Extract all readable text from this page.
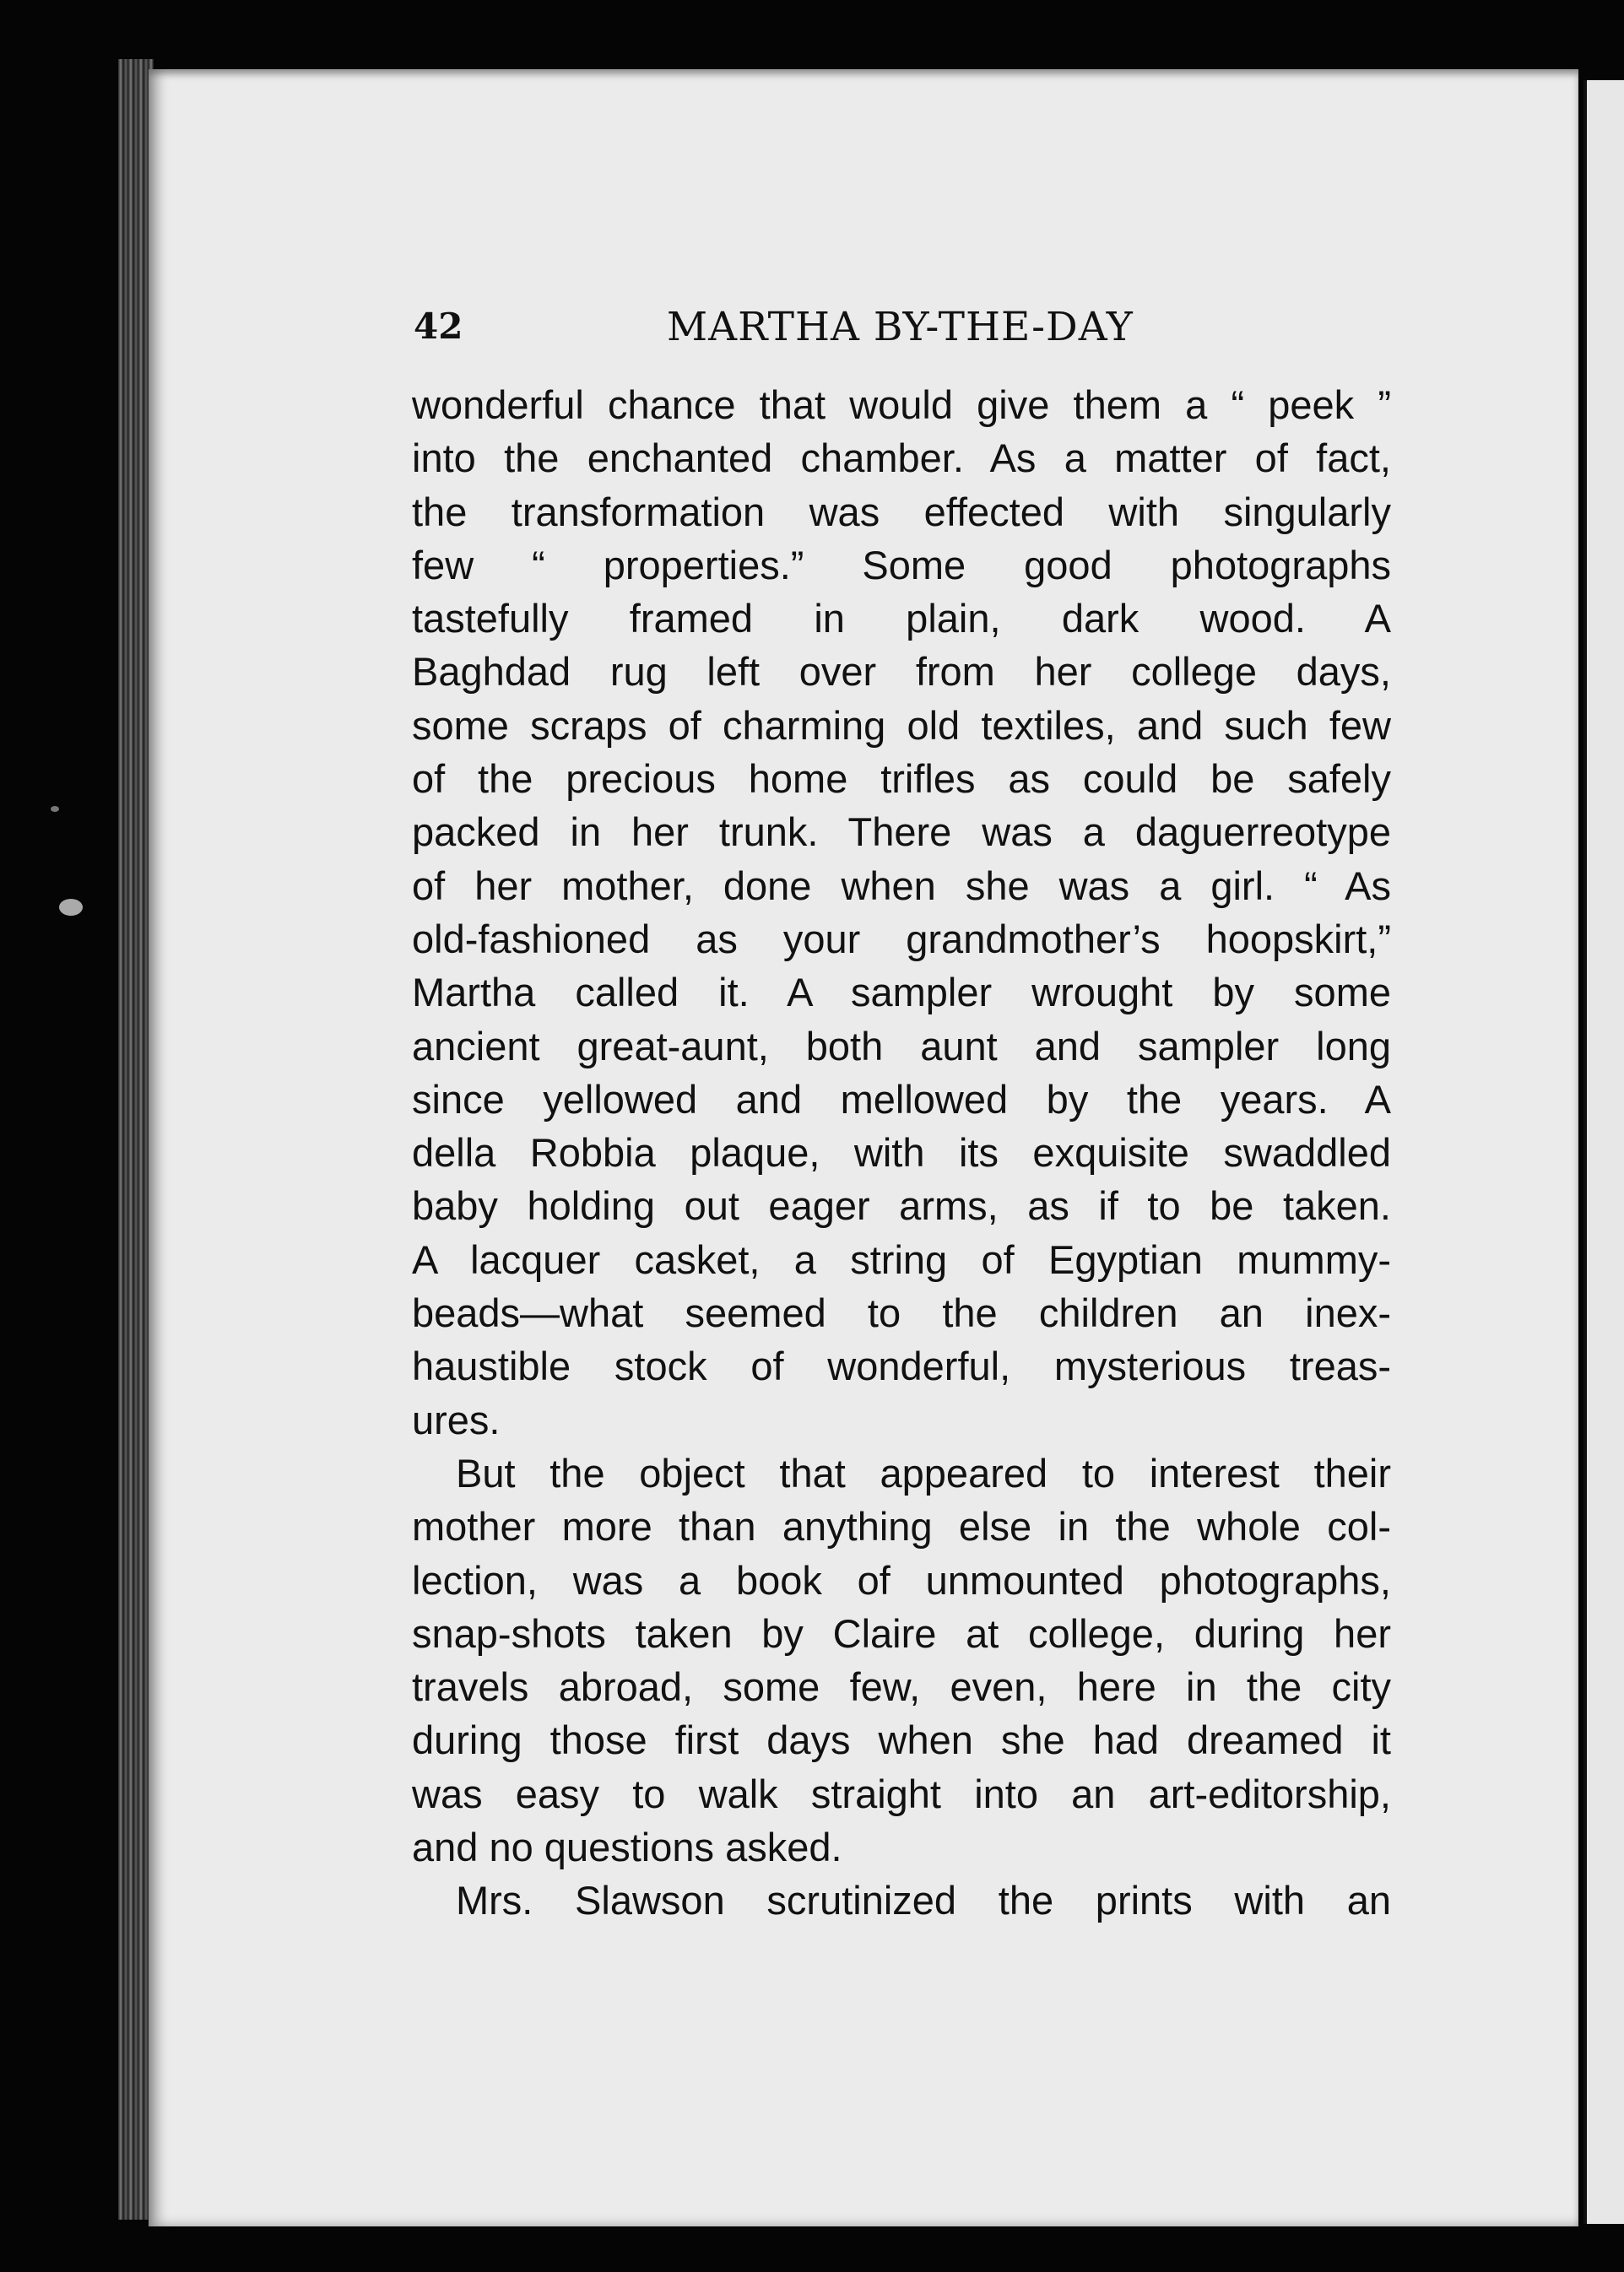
42	MARTHA BY-THE-DAY
wonderful chance that would give them a “ peek ”
into the enchanted chamber. As a matter of fact,
the transformation was effected with singularly
few “ properties.” Some good photographs
tastefully framed in plain, dark wood. A
Baghdad rug left over from her college days,
some scraps of charming old textiles, and such few
of the precious home trifles as could be safely
packed in her trunk. There was a daguerreotype
of her mother, done when she was a girl. “ As
old-fashioned as your grandmother’s hoopskirt,”
Martha called it. A sampler wrought by some
ancient great-aunt, both aunt and sampler long
since yellowed and mellowed by the years. A
della Robbia plaque, with its exquisite swaddled
baby holding out eager arms, as if to be taken.
A lacquer casket, a string of Egyptian mummy-
beads—what seemed to the children an inex-
haustible stock of wonderful, mysterious treas-
ures.
But the object that appeared to interest their
mother more than anything else in the whole col-
lection, was a book of unmounted photographs,
snap-shots taken by Claire at college, during her
travels abroad, some few, even, here in the city
during those first days when she had dreamed it
was easy to walk straight into an art-editorship,
and no questions asked.
Mrs. Slawson scrutinized the prints with an
